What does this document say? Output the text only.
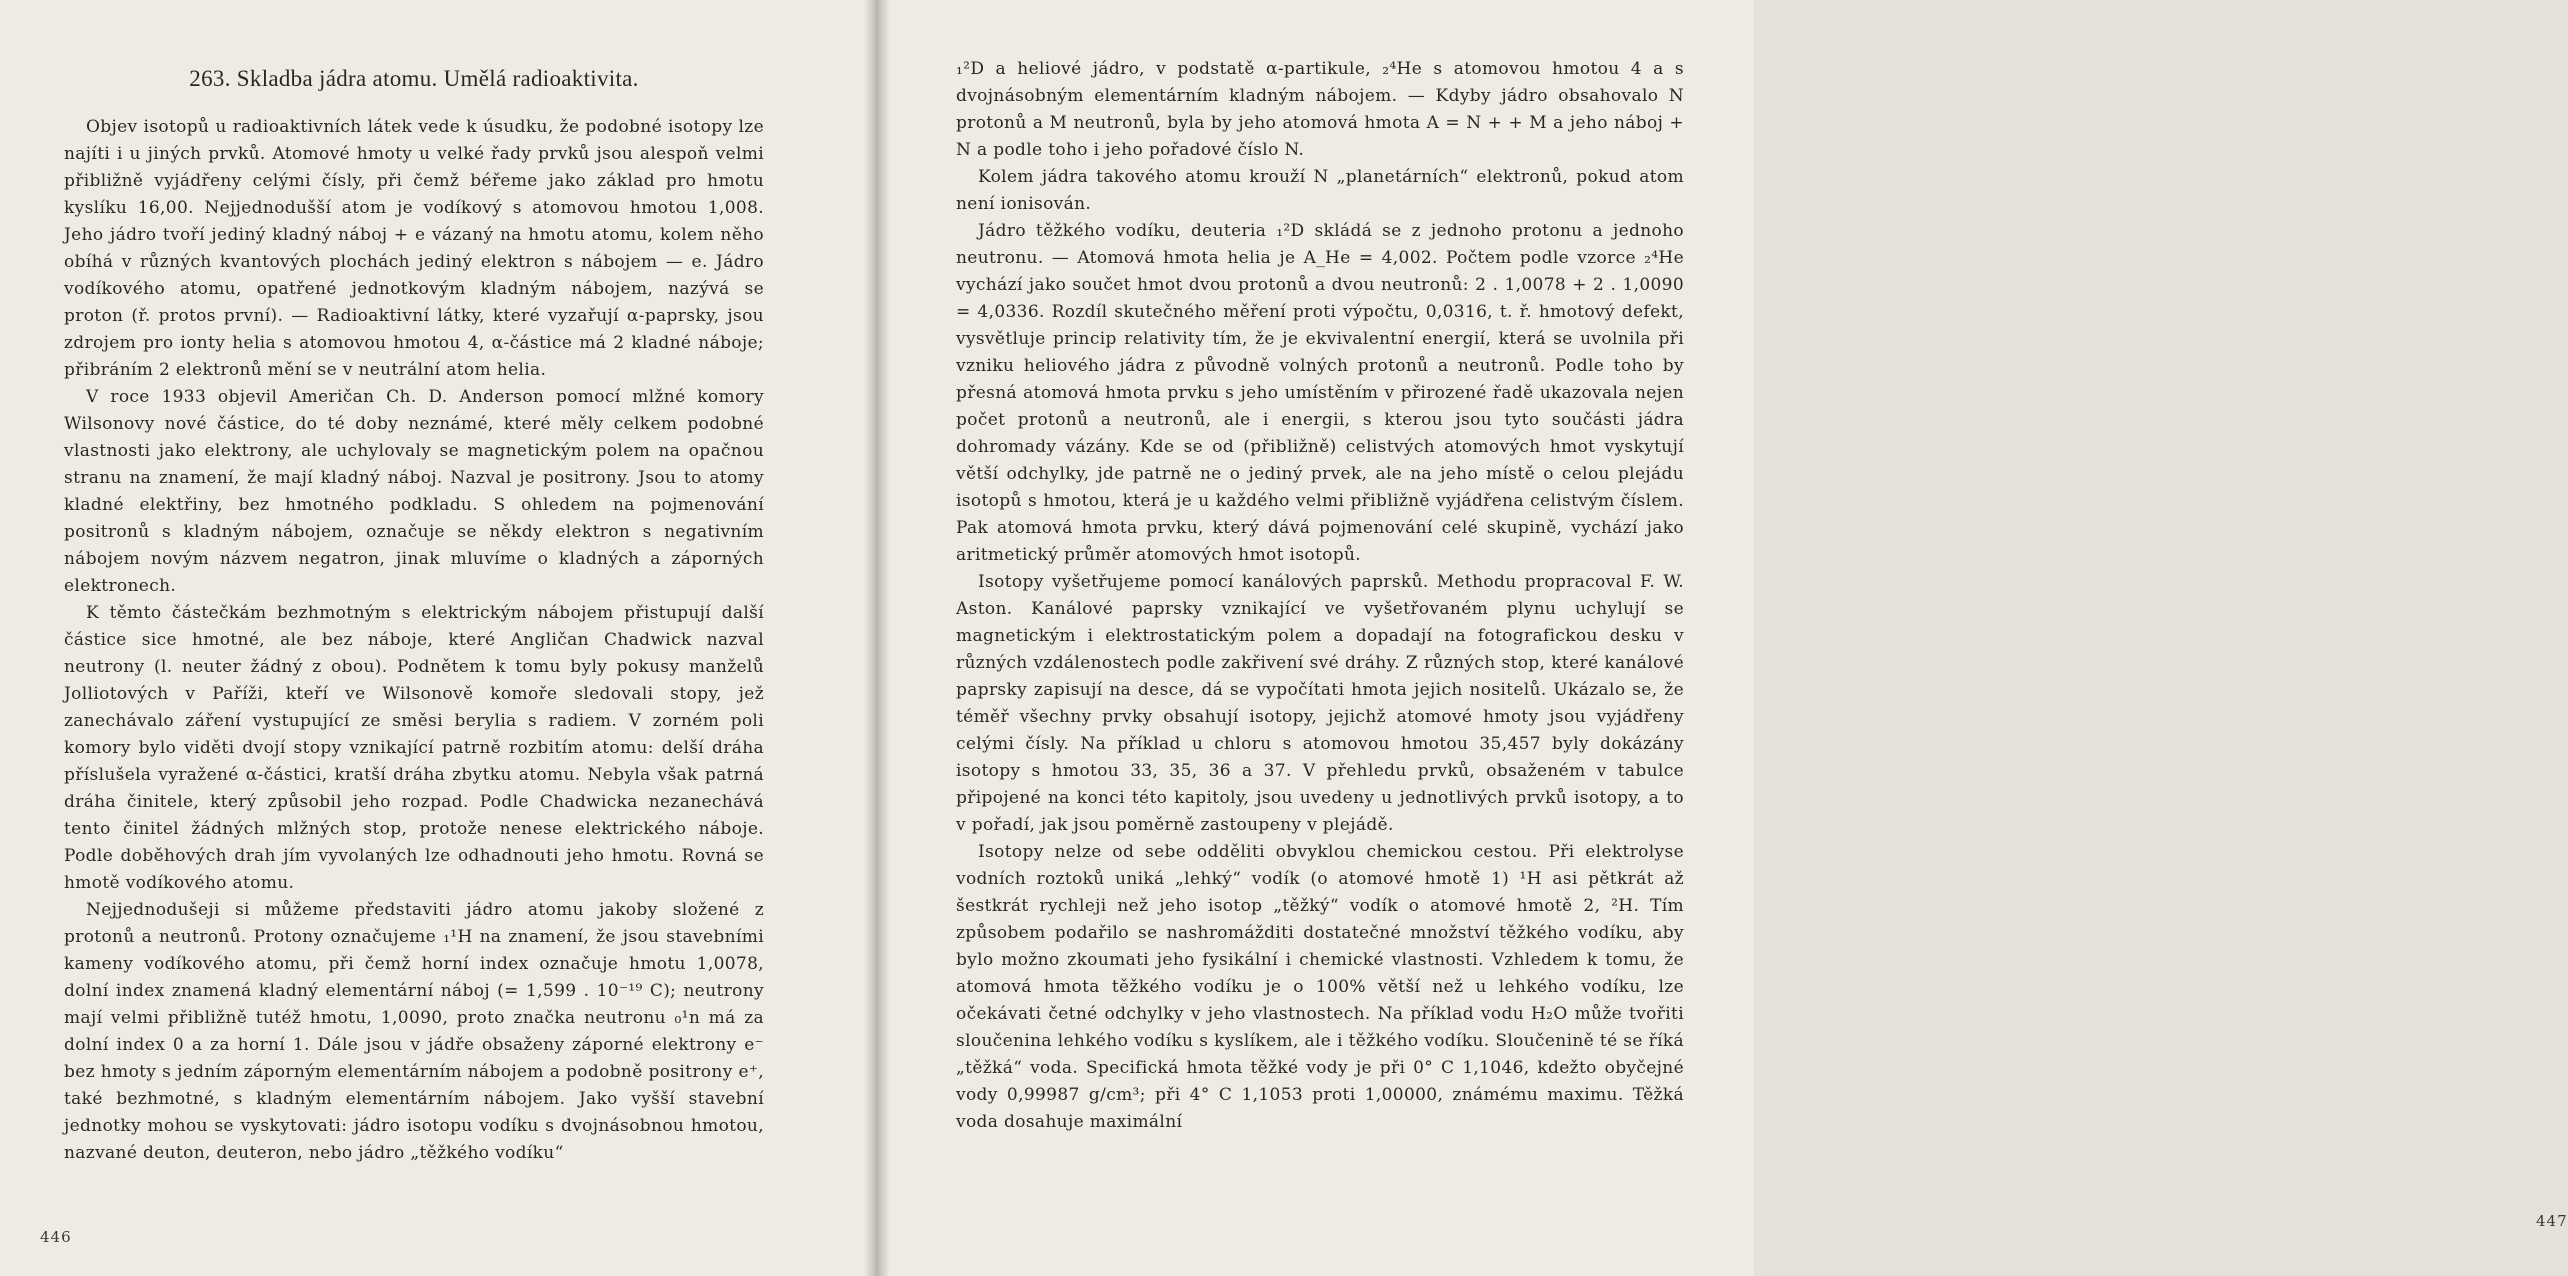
263. Skladba jádra atomu. Umělá radioaktivita.

Objev isotopů u radioaktivních látek vede k úsudku, že podobné isotopy lze najíti i u jiných prvků. Atomové hmoty u velké řady prvků jsou alespoň velmi přibližně vyjádřeny celými čísly, při čemž béřeme jako základ pro hmotu kyslíku 16,00. Nejjednodušší atom je vodíkový s atomovou hmotou 1,008. Jeho jádro tvoří jediný kladný náboj + e vázaný na hmotu atomu, kolem něho obíhá v různých kvantových plochách jediný elektron s nábojem — e. Jádro vodíkového atomu, opatřené jednotkovým kladným nábojem, nazývá se proton (ř. protos první). — Radioaktivní látky, které vyzařují α-paprsky, jsou zdrojem pro ionty helia s atomovou hmotou 4, α-částice má 2 kladné náboje; přibráním 2 elektronů mění se v neutrální atom helia.

V roce 1933 objevil Američan Ch. D. Anderson pomocí mlžné komory Wilsonovy nové částice, do té doby neznámé, které měly celkem podobné vlastnosti jako elektrony, ale uchylovaly se magnetickým polem na opačnou stranu na znamení, že mají kladný náboj. Nazval je positrony. Jsou to atomy kladné elektřiny, bez hmotného podkladu. S ohledem na pojmenování positronů s kladným nábojem, označuje se někdy elektron s negativním nábojem novým názvem negatron, jinak mluvíme o kladných a záporných elektronech.

K těmto částečkám bezhmotným s elektrickým nábojem přistupují další částice sice hmotné, ale bez náboje, které Angličan Chadwick nazval neutrony (l. neuter žádný z obou). Podnětem k tomu byly pokusy manželů Jolliotových v Paříži, kteří ve Wilsonově komoře sledovali stopy, jež zanechávalo záření vystupující ze směsi berylia s radiem. V zorném poli komory bylo viděti dvojí stopy vznikající patrně rozbitím atomu: delší dráha příslušela vyražené α-částici, kratší dráha zbytku atomu. Nebyla však patrná dráha činitele, který způsobil jeho rozpad. Podle Chadwicka nezanechává tento činitel žádných mlžných stop, protože nenese elektrického náboje. Podle doběhových drah jím vyvolaných lze odhadnouti jeho hmotu. Rovná se hmotě vodíkového atomu.

Nejjednodušeji si můžeme představiti jádro atomu jakoby složené z protonů a neutronů. Protony označujeme ₁¹H na znamení, že jsou stavebními kameny vodíkového atomu, při čemž horní index označuje hmotu 1,0078, dolní index znamená kladný elementární náboj (= 1,599 . 10⁻¹⁹ C); neutrony mají velmi přibližně tutéž hmotu, 1,0090, proto značka neutronu ₀¹n má za dolní index 0 a za horní 1. Dále jsou v jádře obsaženy záporné elektrony e⁻ bez hmoty s jedním záporným elementárním nábojem a podobně positrony e⁺, také bezhmotné, s kladným elementárním nábojem. Jako vyšší stavební jednotky mohou se vyskytovati: jádro isotopu vodíku s dvojnásobnou hmotou, nazvané deuton, deuteron, nebo jádro „těžkého vodíku“

446
447

₁²D a heliové jádro, v podstatě α-partikule, ₂⁴He s atomovou hmotou 4 a s dvojnásobným elementárním kladným nábojem. — Kdyby jádro obsahovalo N protonů a M neutronů, byla by jeho atomová hmota A = N + + M a jeho náboj + N a podle toho i jeho pořadové číslo N.

Kolem jádra takového atomu krouží N „planetárních“ elektronů, pokud atom není ionisován.

Jádro těžkého vodíku, deuteria ₁²D skládá se z jednoho protonu a jednoho neutronu. — Atomová hmota helia je A_He = 4,002. Počtem podle vzorce ₂⁴He vychází jako součet hmot dvou protonů a dvou neutronů: 2 . 1,0078 + 2 . 1,0090 = 4,0336. Rozdíl skutečného měření proti výpočtu, 0,0316, t. ř. hmotový defekt, vysvětluje princip relativity tím, že je ekvivalentní energií, která se uvolnila při vzniku heliového jádra z původně volných protonů a neutronů. Podle toho by přesná atomová hmota prvku s jeho umístěním v přirozené řadě ukazovala nejen počet protonů a neutronů, ale i energii, s kterou jsou tyto součásti jádra dohromady vázány. Kde se od (přibližně) celistvých atomových hmot vyskytují větší odchylky, jde patrně ne o jediný prvek, ale na jeho místě o celou plejádu isotopů s hmotou, která je u každého velmi přibližně vyjádřena celistvým číslem. Pak atomová hmota prvku, který dává pojmenování celé skupině, vychází jako aritmetický průměr atomových hmot isotopů.

Isotopy vyšetřujeme pomocí kanálových paprsků. Methodu propracoval F. W. Aston. Kanálové paprsky vznikající ve vyšetřovaném plynu uchylují se magnetickým i elektrostatickým polem a dopadají na fotografickou desku v různých vzdálenostech podle zakřivení své dráhy. Z různých stop, které kanálové paprsky zapisují na desce, dá se vypočítati hmota jejich nositelů. Ukázalo se, že téměř všechny prvky obsahují isotopy, jejichž atomové hmoty jsou vyjádřeny celými čísly. Na příklad u chloru s atomovou hmotou 35,457 byly dokázány isotopy s hmotou 33, 35, 36 a 37. V přehledu prvků, obsaženém v tabulce připojené na konci této kapitoly, jsou uvedeny u jednotlivých prvků isotopy, a to v pořadí, jak jsou poměrně zastoupeny v plejádě.

Isotopy nelze od sebe odděliti obvyklou chemickou cestou. Při elektrolyse vodních roztoků uniká „lehký“ vodík (o atomové hmotě 1) ¹H asi pětkrát až šestkrát rychleji než jeho isotop „těžký“ vodík o atomové hmotě 2, ²H. Tím způsobem podařilo se nashromážditi dostatečné množství těžkého vodíku, aby bylo možno zkoumati jeho fysikální i chemické vlastnosti. Vzhledem k tomu, že atomová hmota těžkého vodíku je o 100% větší než u lehkého vodíku, lze očekávati četné odchylky v jeho vlastnostech. Na příklad vodu H₂O může tvořiti sloučenina lehkého vodíku s kyslíkem, ale i těžkého vodíku. Sloučenině té se říká „těžká“ voda. Specifická hmota těžké vody je při 0° C 1,1046, kdežto obyčejné vody 0,99987 g/cm³; při 4° C 1,1053 proti 1,00000, známému maximu. Těžká voda dosahuje maximální
